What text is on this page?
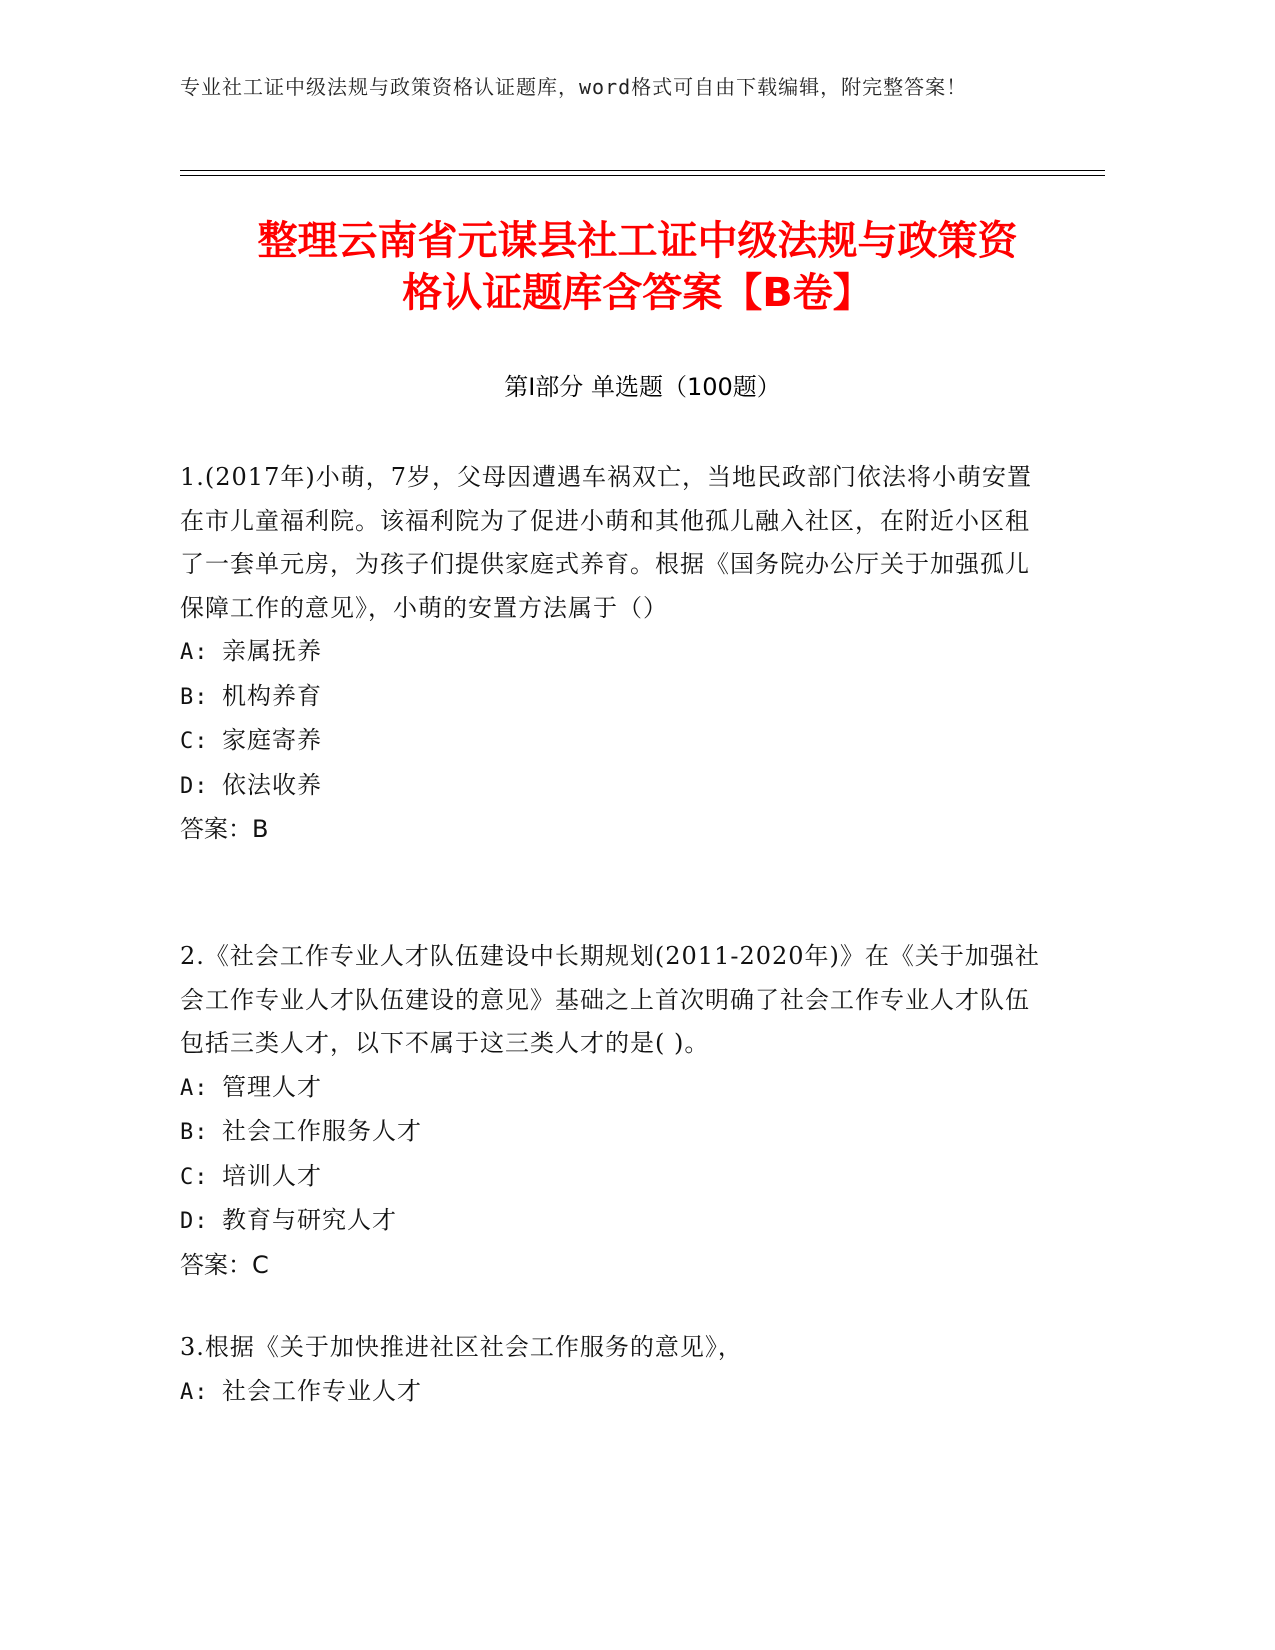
专业社工证中级法规与政策资格认证题库，word格式可自由下载编辑，附完整答案！
整理云南省元谋县社工证中级法规与政策资
格认证题库含答案【B卷】
第Ⅰ部分 单选题（100题）
1.(2017年)小萌，7岁，父母因遭遇车祸双亡，当地民政部门依法将小萌安置在市儿童福利院。该福利院为了促进小萌和其他孤儿融入社区，在附近小区租了一套单元房，为孩子们提供家庭式养育。根据《国务院办公厅关于加强孤儿保障工作的意见》，小萌的安置方法属于（）
A: 亲属抚养
B: 机构养育
C: 家庭寄养
D: 依法收养
答案：B
2.《社会工作专业人才队伍建设中长期规划(2011-2020年)》在《关于加强社会工作专业人才队伍建设的意见》基础之上首次明确了社会工作专业人才队伍包括三类人才，以下不属于这三类人才的是( )。
A: 管理人才
B: 社会工作服务人才
C: 培训人才
D: 教育与研究人才
答案：C
3.根据《关于加快推进社区社会工作服务的意见》，
A: 社会工作专业人才
